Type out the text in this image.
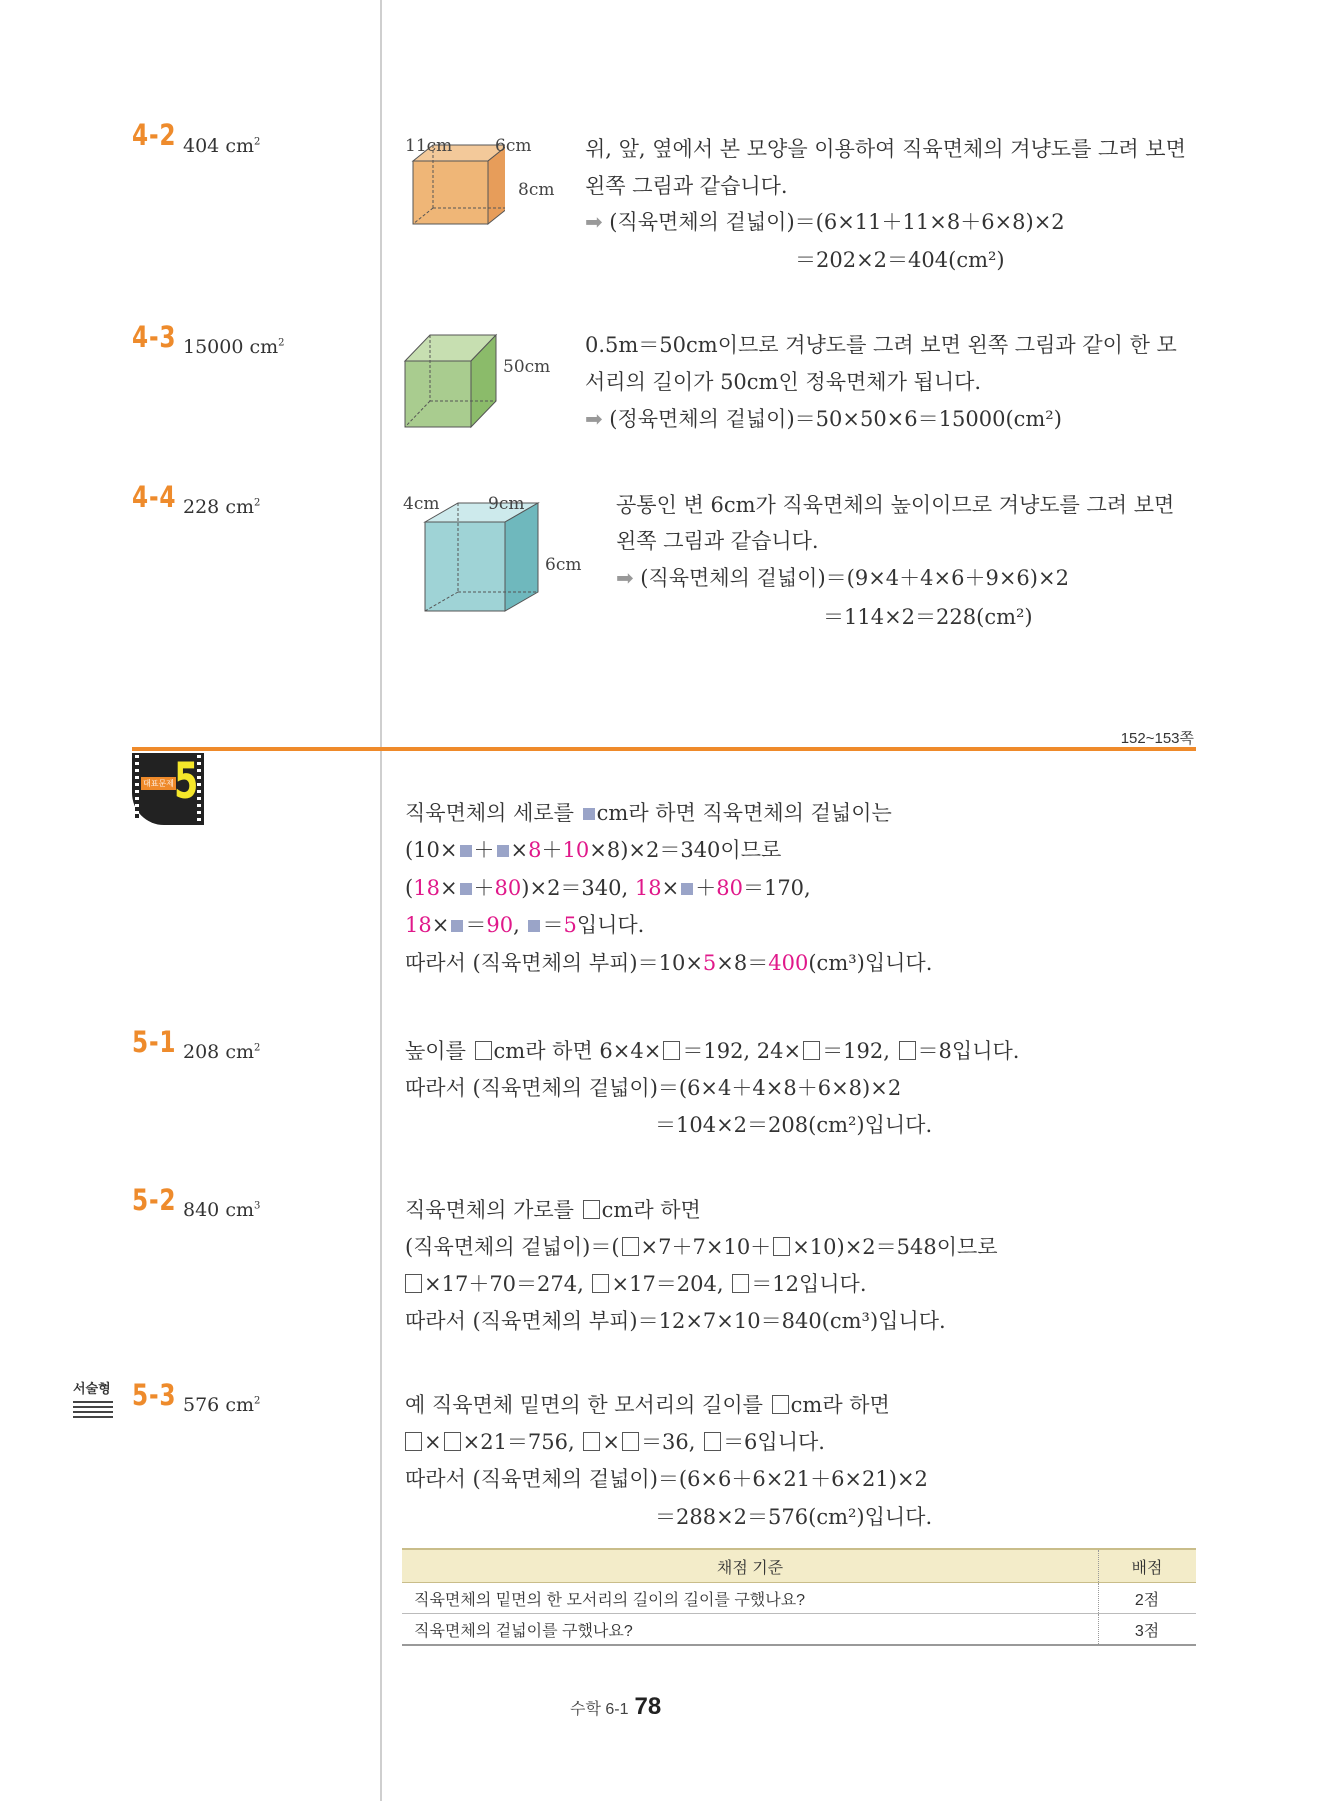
4-2 404 $cm^2$	11cm	6cm
8cm
위, 앞, 옆에서 본 모양을 이용하여 직육면체의 겨냥도를 그려 보면
왼쪽 그림과 같습니다.
➡ (직육면체의 겉넓이)＝(6×11＋11×8＋6×8)×2
＝202×2＝404(cm²)
4-3 15000 $cm^2$
50cm
0.5m＝50cm이므로 겨냥도를 그려 보면 왼쪽 그림과 같이 한 모
서리의 길이가 50cm인 정육면체가 됩니다.
➡ (정육면체의 겉넓이)＝50×50×6＝15000(cm²)
4-4 228 $cm^2$	4cm	9cm
6cm
공통인 변 6cm가 직육면체의 높이이므로 겨냥도를 그려 보면
왼쪽 그림과 같습니다.
➡ (직육면체의 겉넓이)＝(9×4＋4×6＋9×6)×2
＝114×2＝228(cm²)
152~153쪽
대표문제 5
직육면체의 세로를 cm라 하면 직육면체의 겉넓이는
(10× ＋ ×8＋10×8)×2＝340이므로
(18× ＋80)×2＝340, 18× ＋80＝170,
18× ＝90, ＝5입니다.
따라서 (직육면체의 부피)＝10×5×8＝400(cm³)입니다.
5-1 208 $cm^2$	높이를 cm라 하면 6×4× ＝192, 24× ＝192, ＝8입니다.
따라서 (직육면체의 겉넓이)＝(6×4＋4×8＋6×8)×2
＝104×2＝208(cm²)입니다.
5-2 840 $cm^3$	직육면체의 가로를 cm라 하면
(직육면체의 겉넓이)＝( ×7＋7×10＋ ×10)×2＝548이므로
×17＋70＝274, ×17＝204, ＝12입니다.
따라서 (직육면체의 부피)＝12×7×10＝840(cm³)입니다.
서술형 5-3 576 $cm^2$	예 직육면체 밑면의 한 모서리의 길이를 cm라 하면
× ×21＝756, × ＝36, ＝6입니다.
따라서 (직육면체의 겉넓이)＝(6×6＋6×21＋6×21)×2
＝288×2＝576(cm²)입니다.
채점 기준	배점
직육면체의 밑면의 한 모서리의 길이의 길이를 구했나요?	2점
직육면체의 겉넓이를 구했나요?	3점
수학 6-1 78
